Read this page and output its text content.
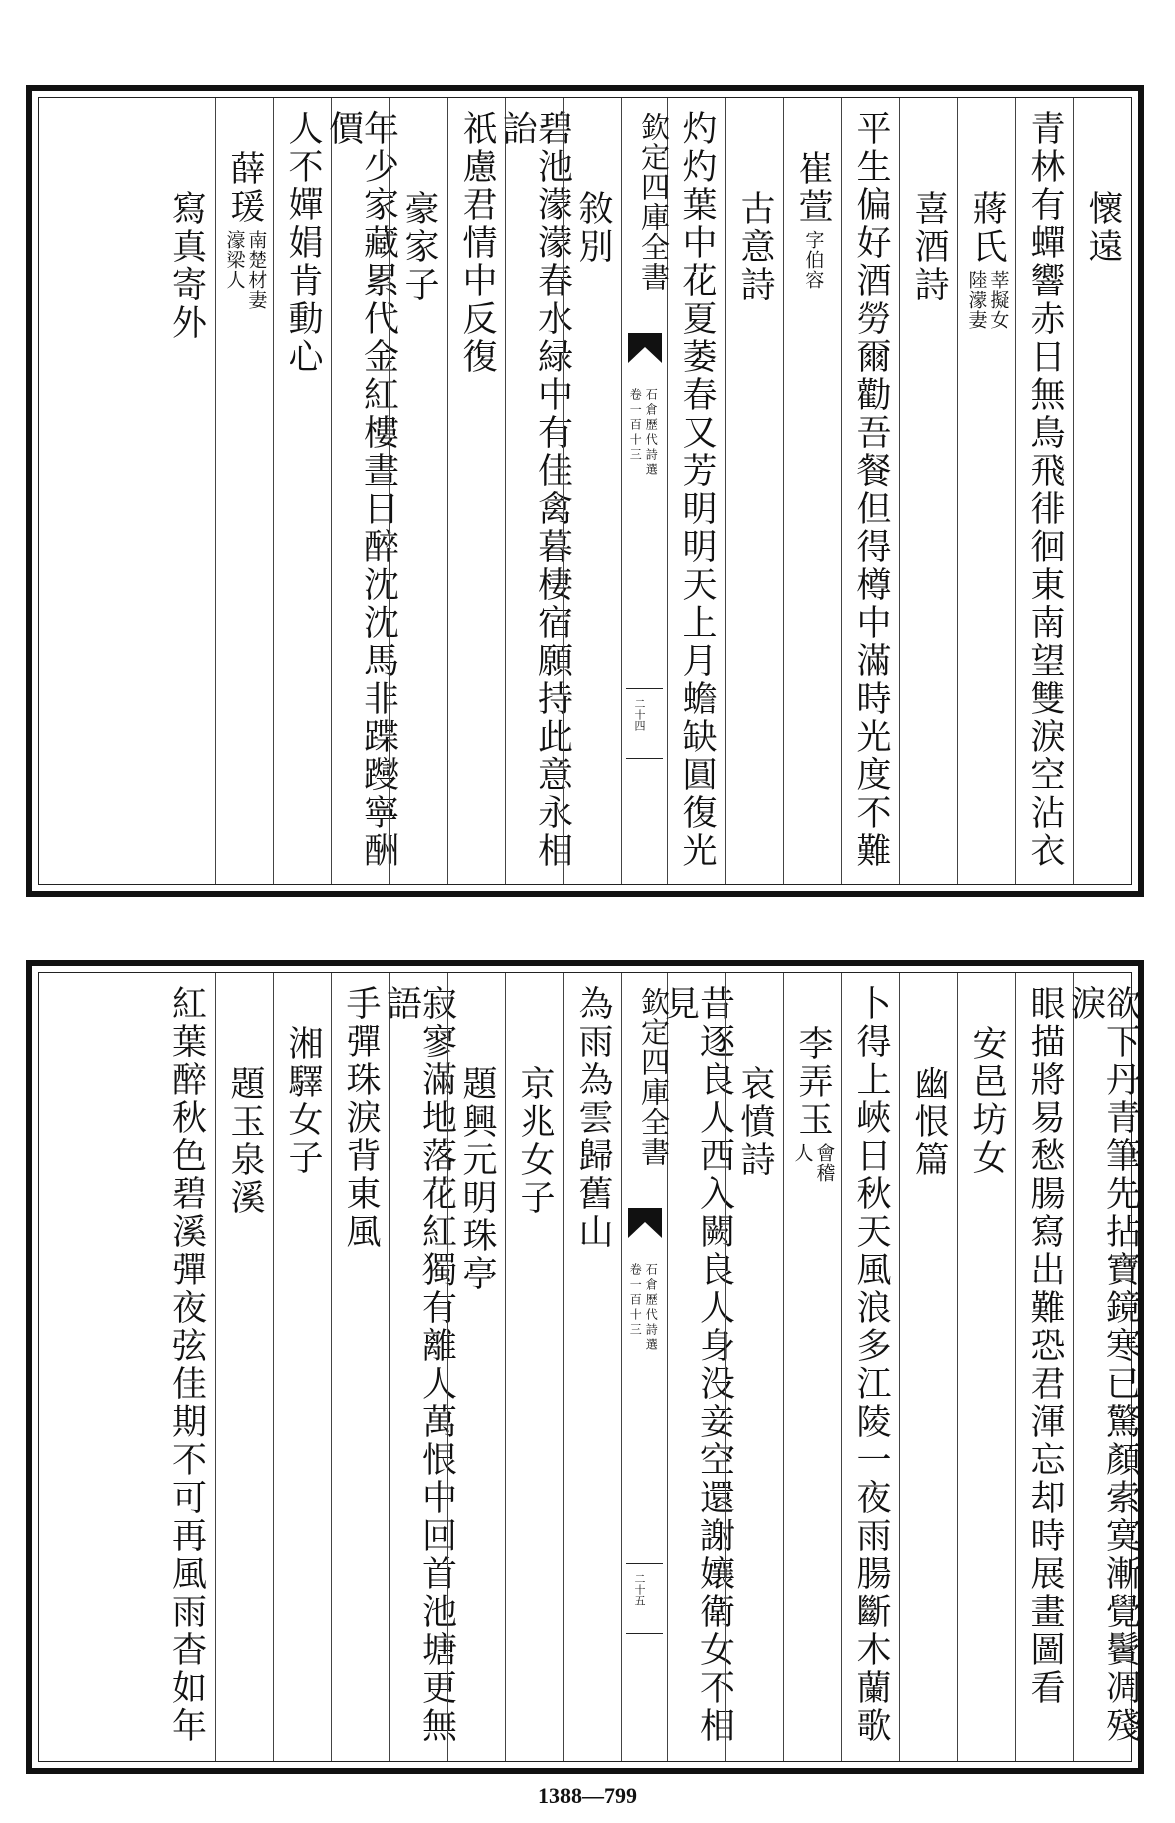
懷遠
青林有蟬響赤日無鳥飛徘徊東南望雙淚空沾衣
蔣氏
莘擬女
陸濛妻
喜酒詩
平生偏好酒勞爾勸吾餐但得樽中滿時光度不難
崔萱
字伯容
古意詩
灼灼葉中花夏萎春又芳明明天上月蟾缺圓復光
欽定四庫全書
石倉歷代詩選
卷一百十三
二十四
敘別
碧池濛濛春水緑中有佳禽暮棲宿願持此意永相詒
祇慮君情中反復
豪家子
年少家藏累代金紅樓晝日醉沈沈馬非蹀躞寧酬價
人不嬋娟肯動心
薛瑗
南楚材妻
濠梁人
寫真寄外
欲下丹青筆先拈寶鏡寒已驚顏索寞漸覺鬢凋殘淚
眼描將易愁腸寫出難恐君渾忘却時展畫圖看
安邑坊女
幽恨篇
卜得上峽日秋天風浪多江陵一夜雨腸斷木蘭歌
李弄玉
會稽
人
哀憤詩
昔逐良人西入闕良人身没妾空還謝孃衛女不相見
欽定四庫全書
石倉歷代詩選
卷一百十三
二十五
為雨為雲歸舊山
京兆女子
題興元明珠亭
寂寥滿地落花紅獨有離人萬恨中回首池塘更無語
手彈珠淚背東風
湘驛女子
題玉泉溪
紅葉醉秋色碧溪彈夜弦佳期不可再風雨杳如年
1388—799
